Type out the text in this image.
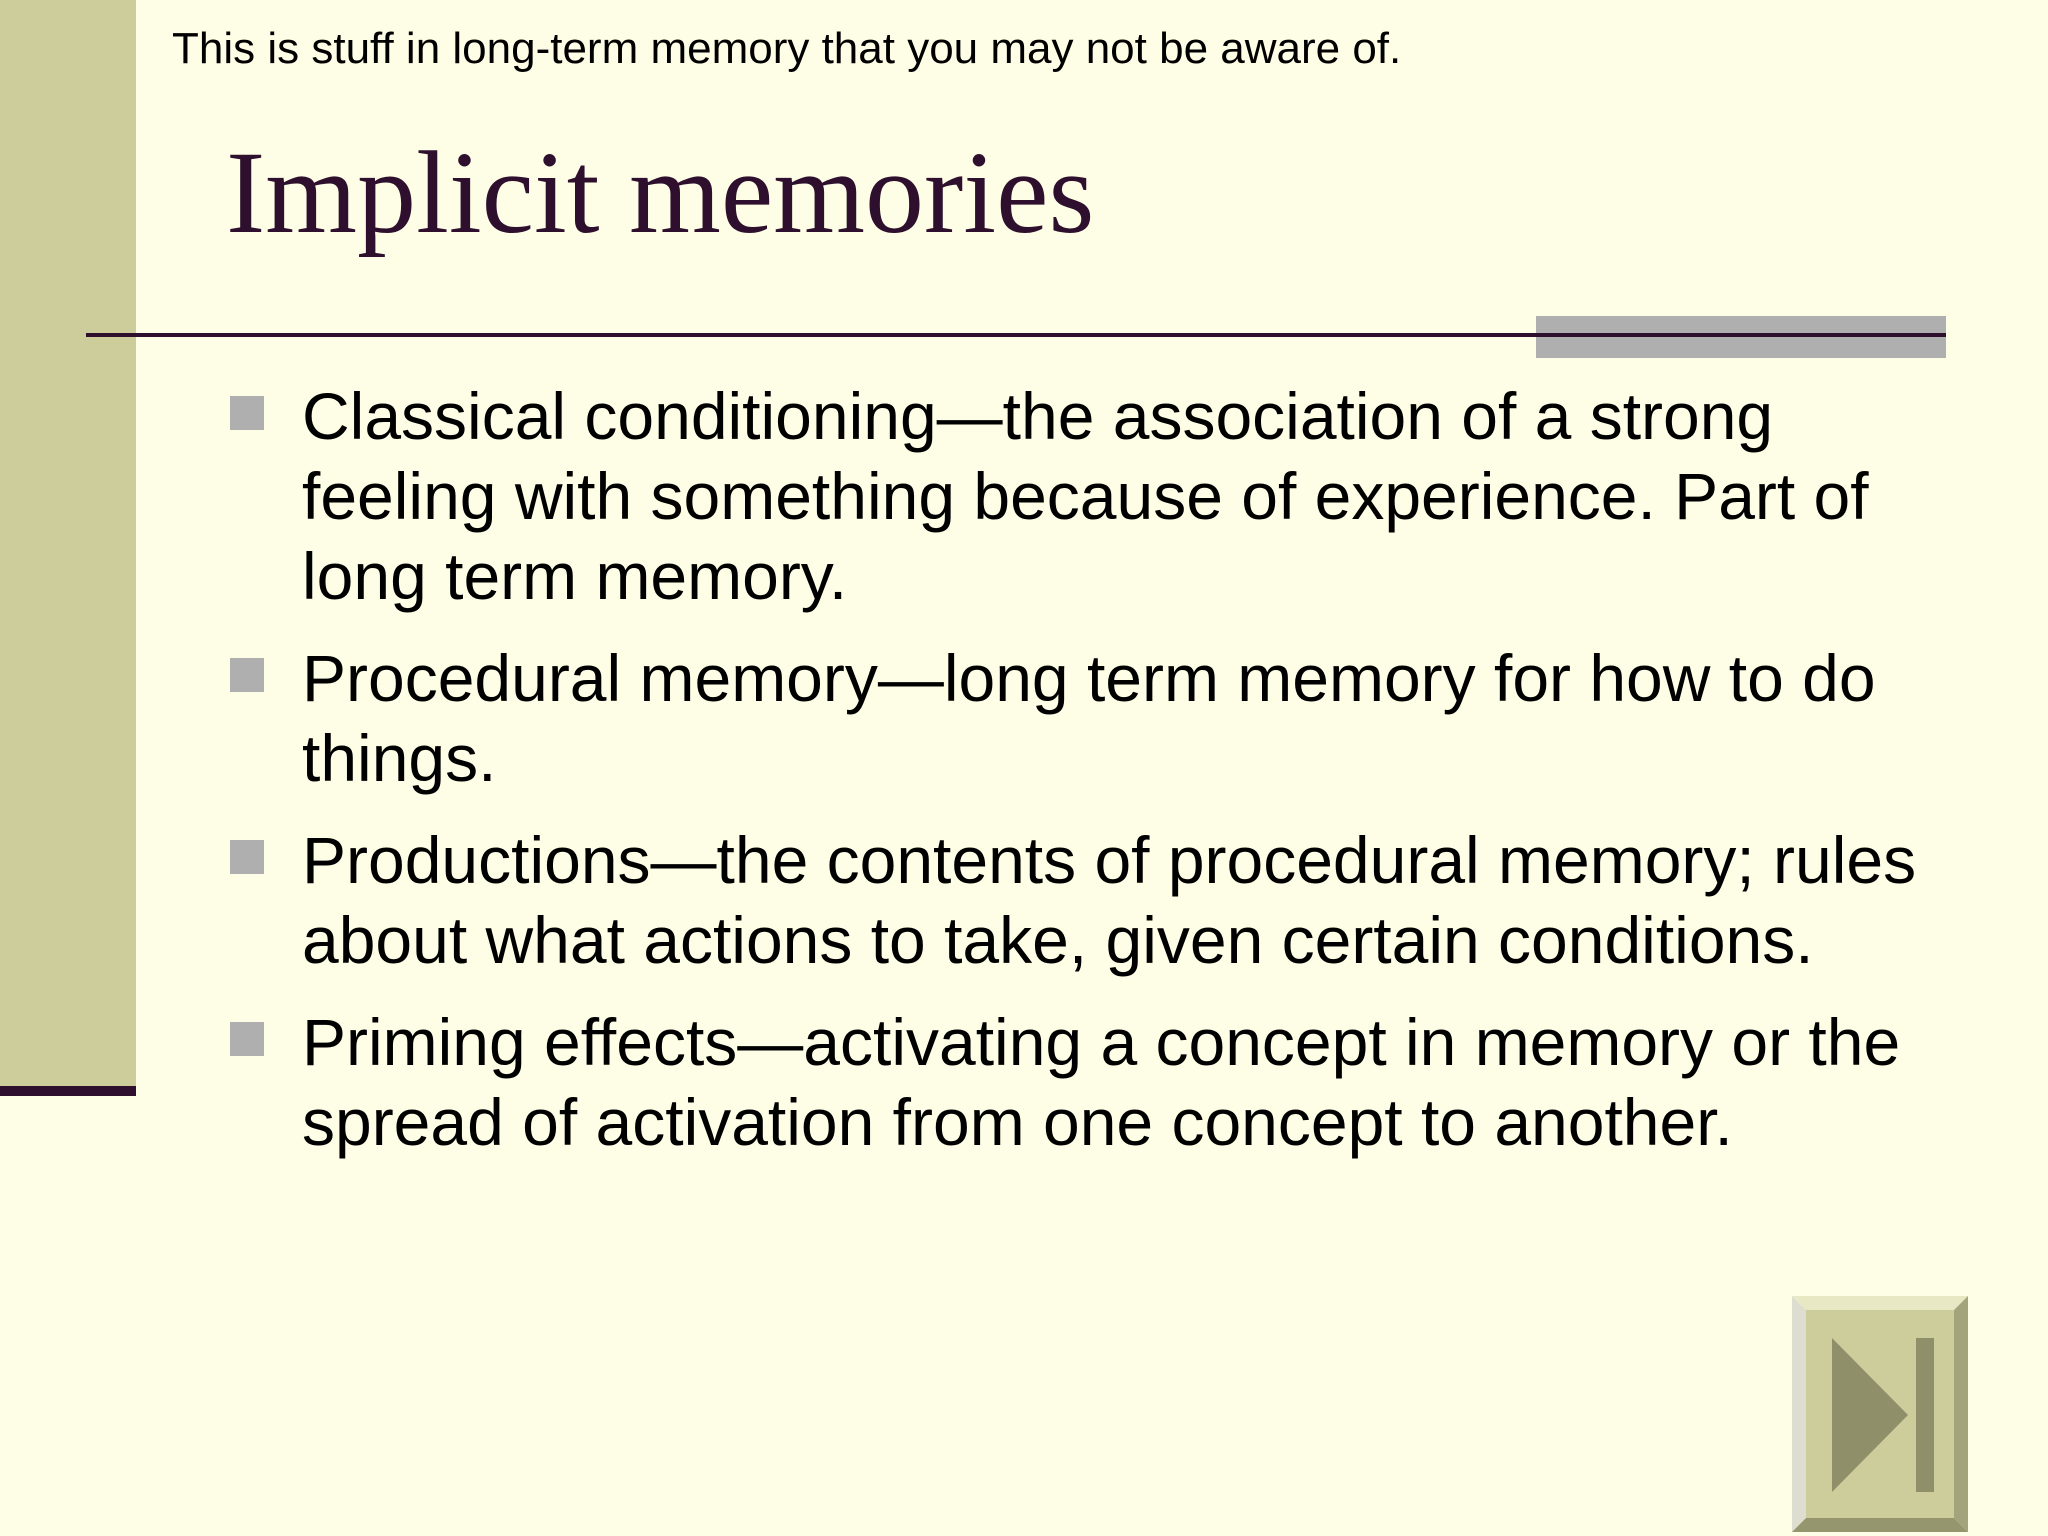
This is stuff in long-term memory that you may not be aware of.
Implicit memories
Classical conditioning—the association of a strong feeling with something because of experience. Part of long term memory.
Procedural memory—long term memory for how to do things.
Productions—the contents of procedural memory; rules about what actions to take, given certain conditions.
Priming effects—activating a concept in memory or the spread of activation from one concept to another.
